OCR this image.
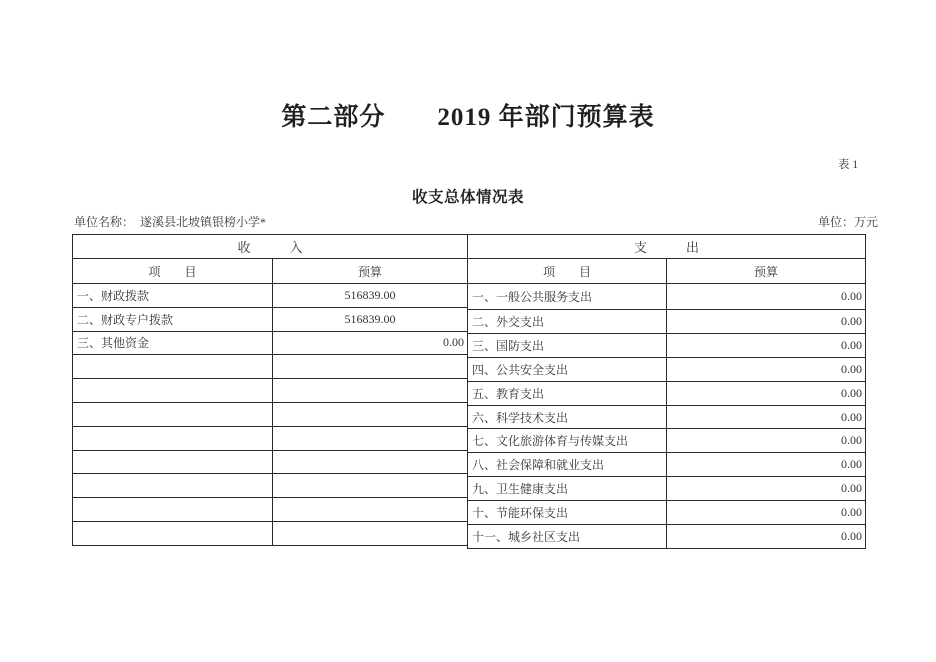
第二部分　　2019 年部门预算表
表 1
收支总体情况表
单位名称： 遂溪县北坡镇银榜小学*	单位：万元
收　　　入	
项　　目	预算
一、财政拨款	516839.00
二、财政专户拨款	516839.00
三、其他资金	0.00

支　　　出	
项　　目	预算
一、一般公共服务支出	0.00
二、外交支出	0.00
三、国防支出	0.00
四、公共安全支出	0.00
五、教育支出	0.00
六、科学技术支出	0.00
七、文化旅游体育与传媒支出	0.00
八、社会保障和就业支出	0.00
九、卫生健康支出	0.00
十、节能环保支出	0.00
十一、城乡社区支出	0.00
